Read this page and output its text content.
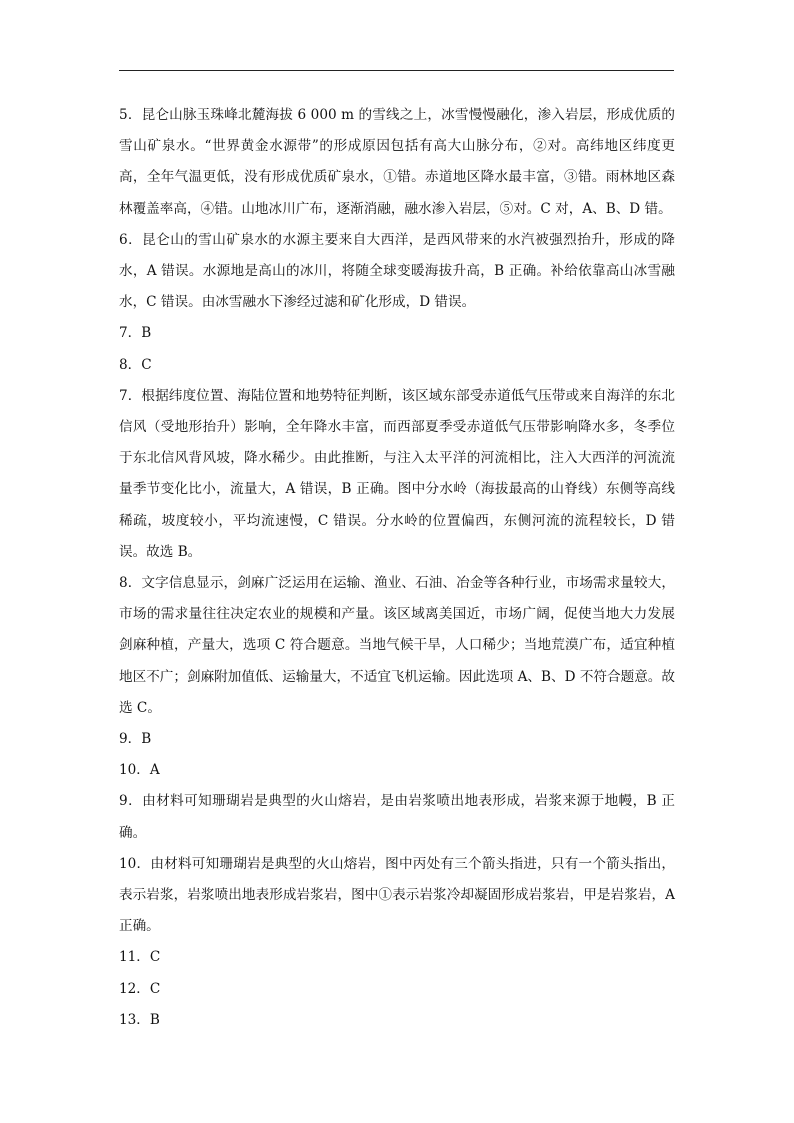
5．昆仑山脉玉珠峰北麓海拔 6 000 m 的雪线之上，冰雪慢慢融化，渗入岩层，形成优质的雪山矿泉水。“世界黄金水源带”的形成原因包括有高大山脉分布，②对。高纬地区纬度更高，全年气温更低，没有形成优质矿泉水，①错。赤道地区降水最丰富，③错。雨林地区森林覆盖率高，④错。山地冰川广布，逐渐消融，融水渗入岩层，⑤对。C 对，A、B、D 错。

6．昆仑山的雪山矿泉水的水源主要来自大西洋，是西风带来的水汽被强烈抬升，形成的降水，A 错误。水源地是高山的冰川，将随全球变暖海拔升高，B 正确。补给依靠高山冰雪融水，C 错误。由冰雪融水下渗经过滤和矿化形成，D 错误。

7．B

8．C

7．根据纬度位置、海陆位置和地势特征判断，该区域东部受赤道低气压带或来自海洋的东北信风（受地形抬升）影响，全年降水丰富，而西部夏季受赤道低气压带影响降水多，冬季位于东北信风背风坡，降水稀少。由此推断，与注入太平洋的河流相比，注入大西洋的河流流量季节变化比小，流量大，A 错误，B 正确。图中分水岭（海拔最高的山脊线）东侧等高线稀疏，坡度较小，平均流速慢，C 错误。分水岭的位置偏西，东侧河流的流程较长，D 错误。故选 B。

8．文字信息显示，剑麻广泛运用在运输、渔业、石油、冶金等各种行业，市场需求量较大，市场的需求量往往决定农业的规模和产量。该区域离美国近，市场广阔，促使当地大力发展剑麻种植，产量大，选项 C 符合题意。当地气候干旱，人口稀少；当地荒漠广布，适宜种植地区不广；剑麻附加值低、运输量大，不适宜飞机运输。因此选项 A、B、D 不符合题意。故选 C。

9．B

10．A

9．由材料可知珊瑚岩是典型的火山熔岩，是由岩浆喷出地表形成，岩浆来源于地幔，B 正确。

10．由材料可知珊瑚岩是典型的火山熔岩，图中丙处有三个箭头指进，只有一个箭头指出，表示岩浆，岩浆喷出地表形成岩浆岩，图中①表示岩浆冷却凝固形成岩浆岩，甲是岩浆岩，A 正确。

11．C

12．C

13．B
